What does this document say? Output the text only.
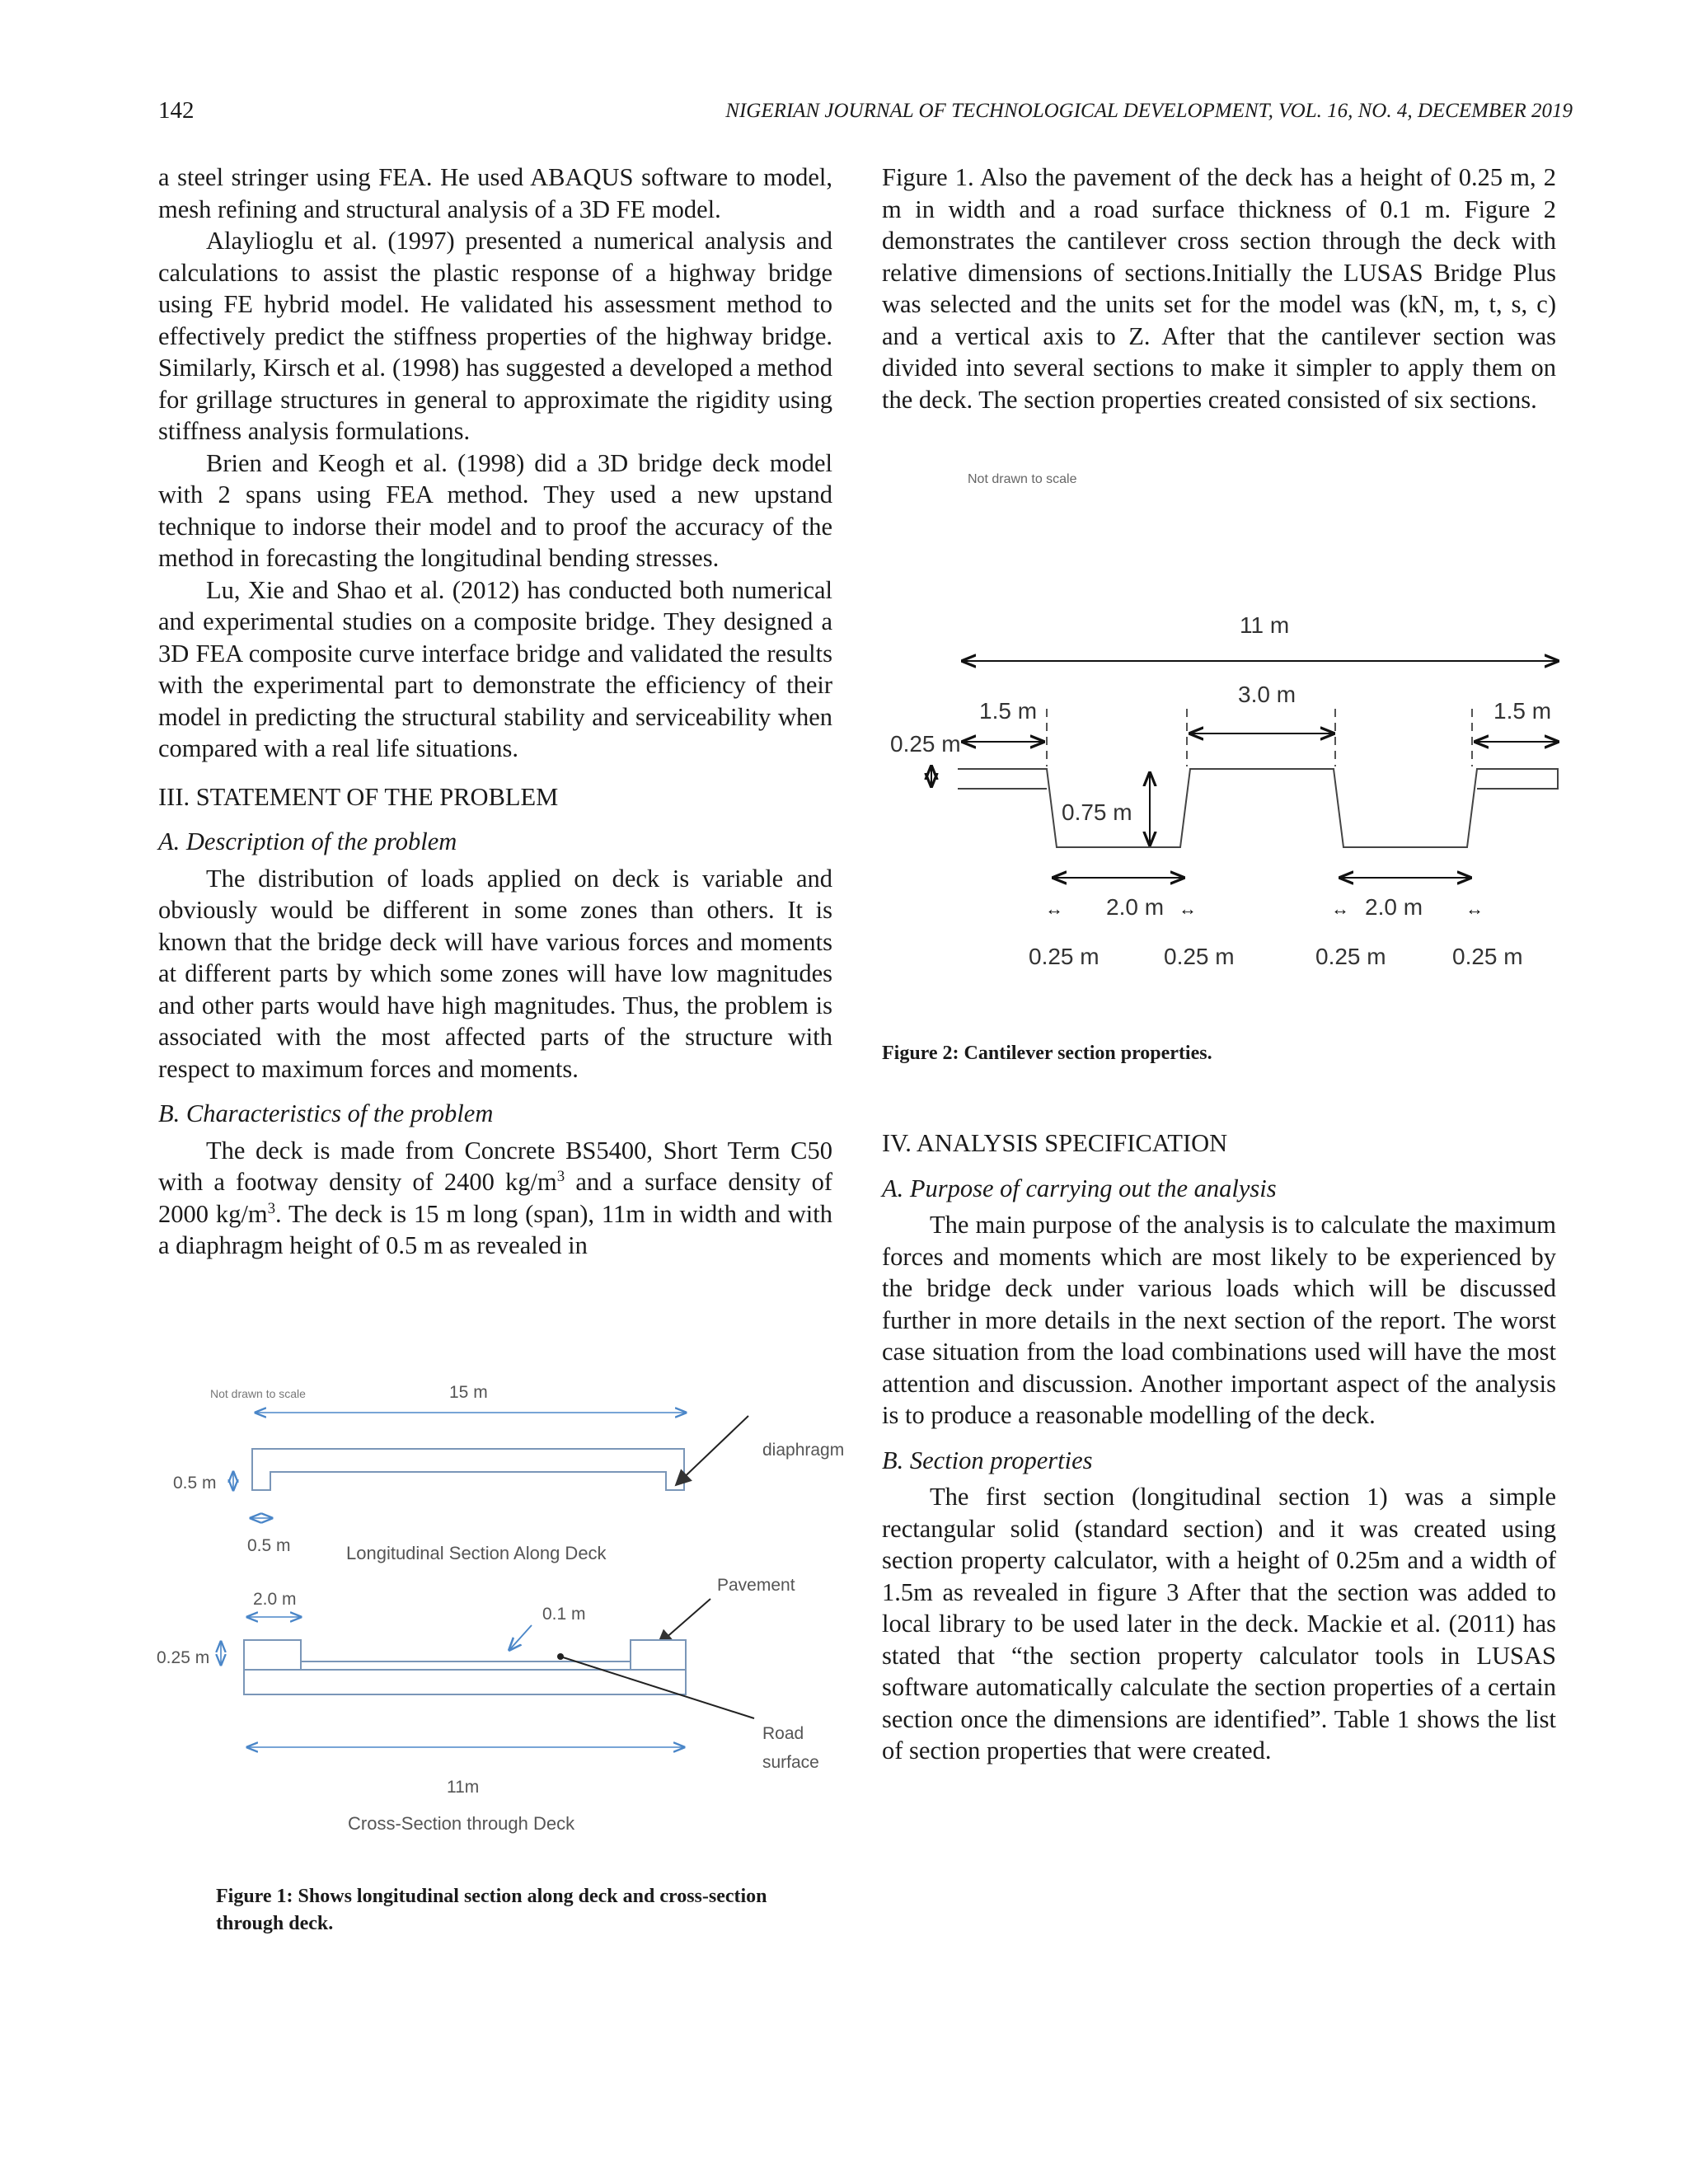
142	NIGERIAN JOURNAL OF TECHNOLOGICAL DEVELOPMENT, VOL. 16, NO. 4, DECEMBER 2019

a steel stringer using FEA. He used ABAQUS software to model, mesh refining and structural analysis of a 3D FE model.

Alaylioglu et al. (1997) presented a numerical analysis and calculations to assist the plastic response of a highway bridge using FE hybrid model. He validated his assessment method to effectively predict the stiffness properties of the highway bridge. Similarly, Kirsch et al. (1998) has suggested a developed a method for grillage structures in general to approximate the rigidity using stiffness analysis formulations.

Brien and Keogh et al. (1998) did a 3D bridge deck model with 2 spans using FEA method. They used a new upstand technique to indorse their model and to proof the accuracy of the method in forecasting the longitudinal bending stresses.

Lu, Xie and Shao et al. (2012) has conducted both numerical and experimental studies on a composite bridge. They designed a 3D FEA composite curve interface bridge and validated the results with the experimental part to demonstrate the efficiency of their model in predicting the structural stability and serviceability when compared with a real life situations.

III. STATEMENT OF THE PROBLEM

A. Description of the problem

The distribution of loads applied on deck is variable and obviously would be different in some zones than others. It is known that the bridge deck will have various forces and moments at different parts by which some zones will have low magnitudes and other parts would have high magnitudes. Thus, the problem is associated with the most affected parts of the structure with respect to maximum forces and moments.

B. Characteristics of the problem

The deck is made from Concrete BS5400, Short Term C50 with a footway density of 2400 $kg/m^3$ and a surface density of 2000 $kg/m^3$. The deck is 15 m long (span), 11m in width and with a diaphragm height of 0.5 m as revealed in

Not drawn to scale	15 m
diaphragm
0.5 m
0.5 m	Longitudinal Section Along Deck
2.0 m
Pavement
0.1 m
0.25 m
Road
surface
11m
Cross-Section through Deck
Figure 1: Shows longitudinal section along deck and cross-section through deck.

Figure 1. Also the pavement of the deck has a height of 0.25 m, 2 m in width and a road surface thickness of 0.1 m. Figure 2 demonstrates the cantilever cross section through the deck with relative dimensions of sections.Initially the LUSAS Bridge Plus was selected and the units set for the model was (kN, m, t, s, c) and a vertical axis to Z. After that the cantilever section was divided into several sections to make it simpler to apply them on the deck. The section properties created consisted of six sections.

Not drawn to scale
11 m
3.0 m
1.5 m	1.5 m
0.25 m
0.75 m
2.0 m	2.0 m
↔	↔	↔	↔
0.25 m	0.25 m	0.25 m	0.25 m
Figure 2: Cantilever section properties.

IV. ANALYSIS SPECIFICATION

A. Purpose of carrying out the analysis

The main purpose of the analysis is to calculate the maximum forces and moments which are most likely to be experienced by the bridge deck under various loads which will be discussed further in more details in the next section of the report. The worst case situation from the load combinations used will have the most attention and discussion. Another important aspect of the analysis is to produce a reasonable modelling of the deck.

B. Section properties

The first section (longitudinal section 1) was a simple rectangular solid (standard section) and it was created using section property calculator, with a height of 0.25m and a width of 1.5m as revealed in figure 3 After that the section was added to local library to be used later in the deck. Mackie et al. (2011) has stated that “the section property calculator tools in LUSAS software automatically calculate the section properties of a certain section once the dimensions are identified”. Table 1 shows the list of section properties that were created.
